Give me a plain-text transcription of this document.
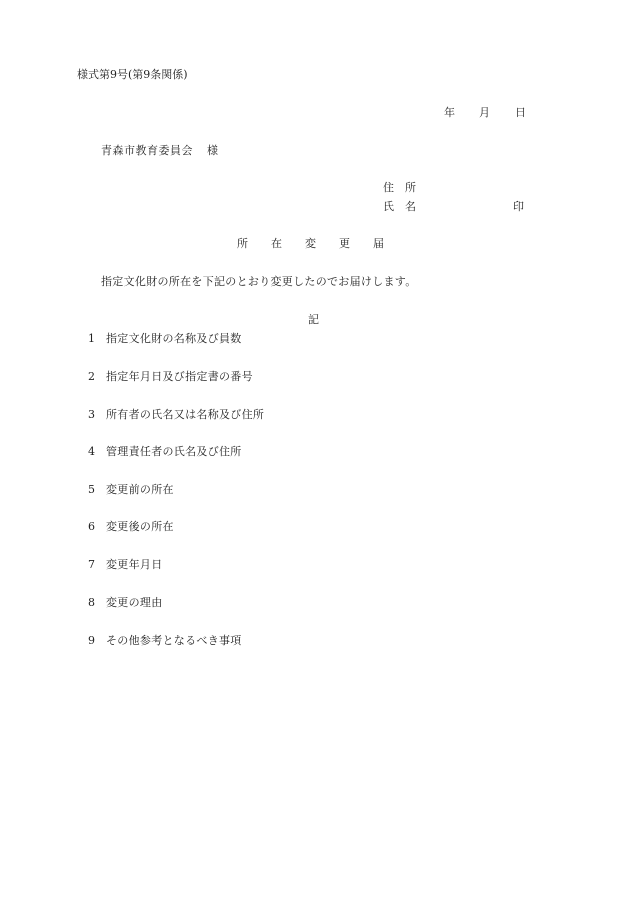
様式第9号(第9条関係)
年 月 日
青森市教育委員会 様
住　所
氏　名	印
所 在 変 更 届
指定文化財の所在を下記のとおり変更したのでお届けします。
記
1 指定文化財の名称及び員数
2 指定年月日及び指定書の番号
3 所有者の氏名又は名称及び住所
4 管理責任者の氏名及び住所
5 変更前の所在
6 変更後の所在
7 変更年月日
8 変更の理由
9 その他参考となるべき事項
